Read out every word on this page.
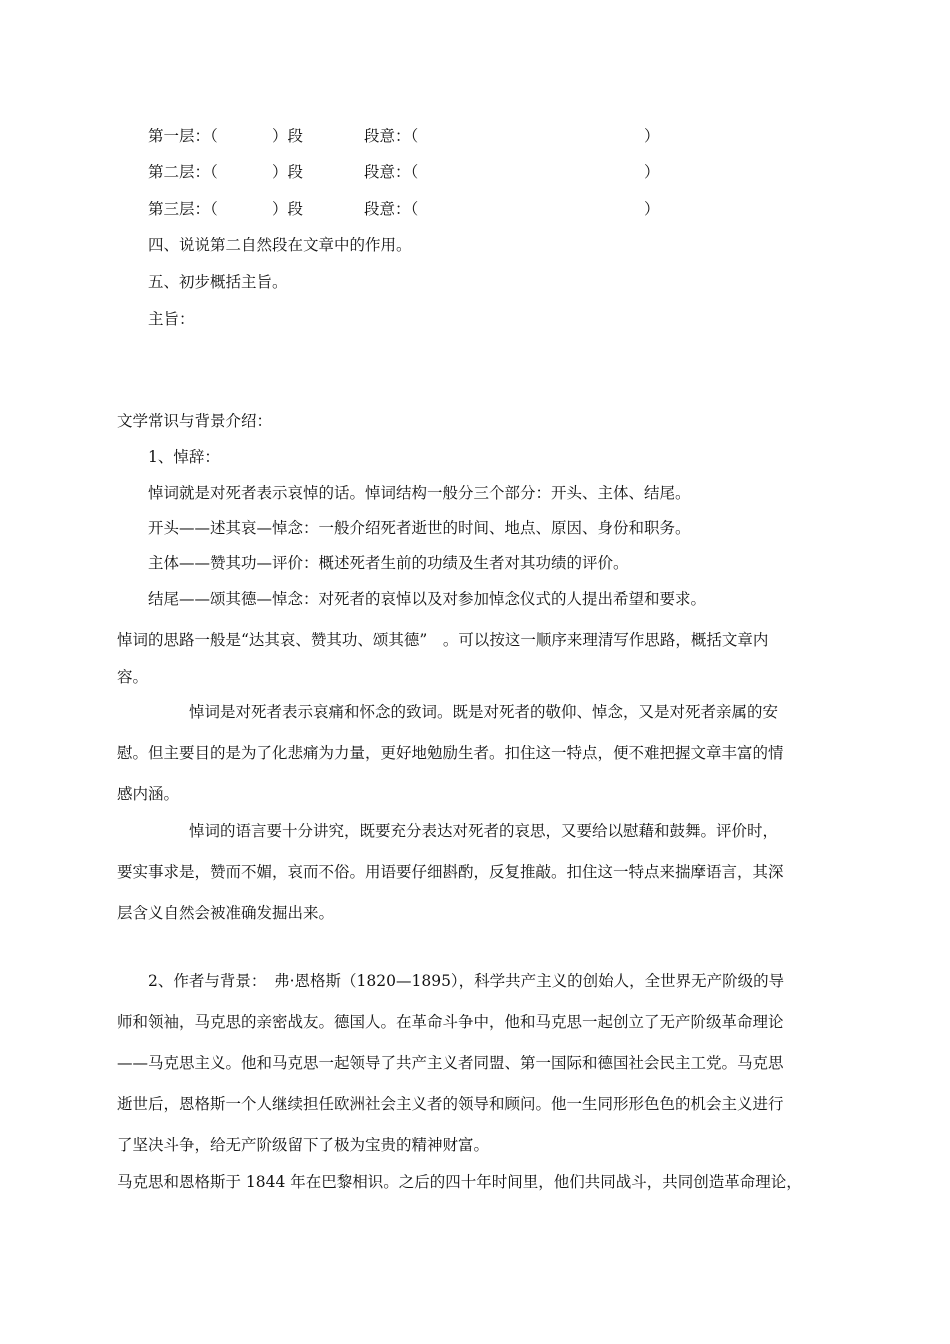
第一层：（	）段	段意：（	）
第二层：（	）段	段意：（	）
第三层：（	）段	段意：（	）
四、说说第二自然段在文章中的作用。
五、初步概括主旨。
主旨：
文学常识与背景介绍：
1、悼辞：
悼词就是对死者表示哀悼的话。悼词结构一般分三个部分：开头、主体、结尾。
开头——述其哀—悼念：一般介绍死者逝世的时间、地点、原因、身份和职务。
主体——赞其功—评价：概述死者生前的功绩及生者对其功绩的评价。
结尾——颂其德—悼念：对死者的哀悼以及对参加悼念仪式的人提出希望和要求。
悼词的思路一般是“达其哀、赞其功、颂其德”　。可以按这一顺序来理清写作思路，概括文章内
容。
悼词是对死者表示哀痛和怀念的致词。既是对死者的敬仰、悼念，又是对死者亲属的安
慰。但主要目的是为了化悲痛为力量，更好地勉励生者。扣住这一特点，便不难把握文章丰富的情
感内涵。
悼词的语言要十分讲究，既要充分表达对死者的哀思，又要给以慰藉和鼓舞。评价时，
要实事求是，赞而不媚，哀而不俗。用语要仔细斟酌，反复推敲。扣住这一特点来揣摩语言，其深
层含义自然会被准确发掘出来。
2、作者与背景：　弗·恩格斯（1820—1895），科学共产主义的创始人，全世界无产阶级的导
师和领袖，马克思的亲密战友。德国人。在革命斗争中，他和马克思一起创立了无产阶级革命理论
——马克思主义。他和马克思一起领导了共产主义者同盟、第一国际和德国社会民主工党。马克思
逝世后，恩格斯一个人继续担任欧洲社会主义者的领导和顾问。他一生同形形色色的机会主义进行
了坚决斗争，给无产阶级留下了极为宝贵的精神财富。
马克思和恩格斯于 1844 年在巴黎相识。之后的四十年时间里，他们共同战斗，共同创造革命理论，
